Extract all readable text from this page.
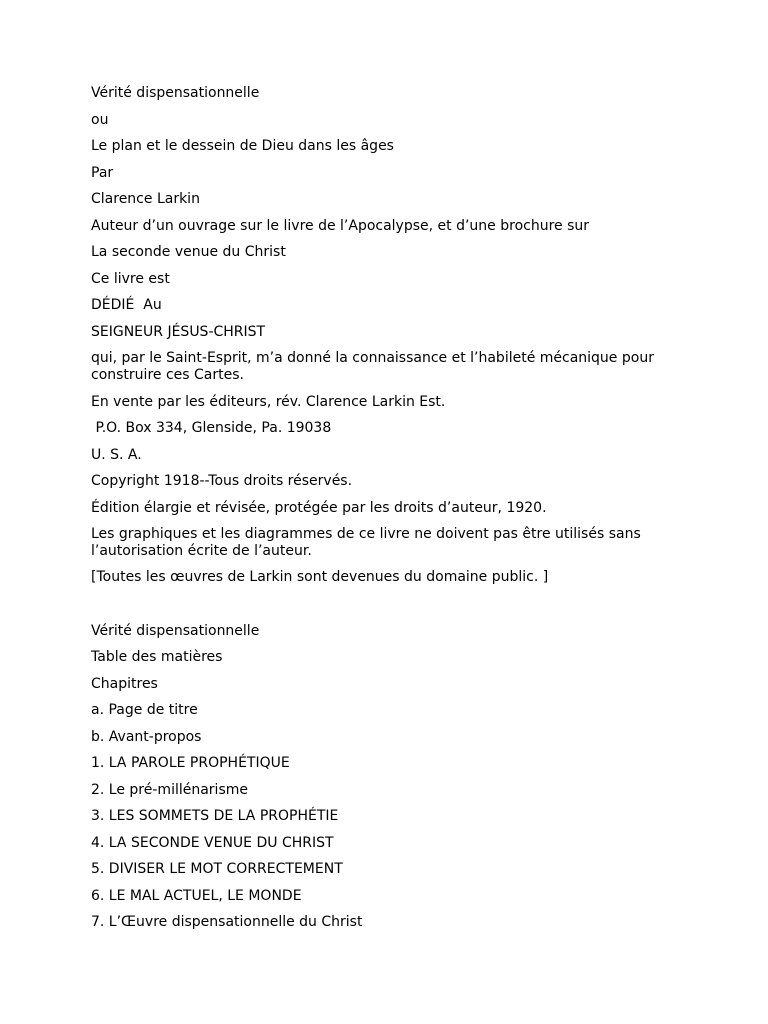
Vérité dispensationnelle

ou

Le plan et le dessein de Dieu dans les âges

Par

Clarence Larkin

Auteur d’un ouvrage sur le livre de l’Apocalypse, et d’une brochure sur

La seconde venue du Christ

Ce livre est

DÉDIÉ  Au

SEIGNEUR JÉSUS-CHRIST

qui, par le Saint-Esprit, m’a donné la connaissance et l’habileté mécanique pour construire ces Cartes.

En vente par les éditeurs, rév. Clarence Larkin Est.

P.O. Box 334, Glenside, Pa. 19038

U. S. A.

Copyright 1918--Tous droits réservés.

Édition élargie et révisée, protégée par les droits d’auteur, 1920.

Les graphiques et les diagrammes de ce livre ne doivent pas être utilisés sans l’autorisation écrite de l’auteur.

[Toutes les œuvres de Larkin sont devenues du domaine public. ]

Vérité dispensationnelle

Table des matières

Chapitres

a. Page de titre

b. Avant-propos

1. LA PAROLE PROPHÉTIQUE

2. Le pré-millénarisme

3. LES SOMMETS DE LA PROPHÉTIE

4. LA SECONDE VENUE DU CHRIST

5. DIVISER LE MOT CORRECTEMENT

6. LE MAL ACTUEL, LE MONDE

7. L’Œuvre dispensationnelle du Christ
